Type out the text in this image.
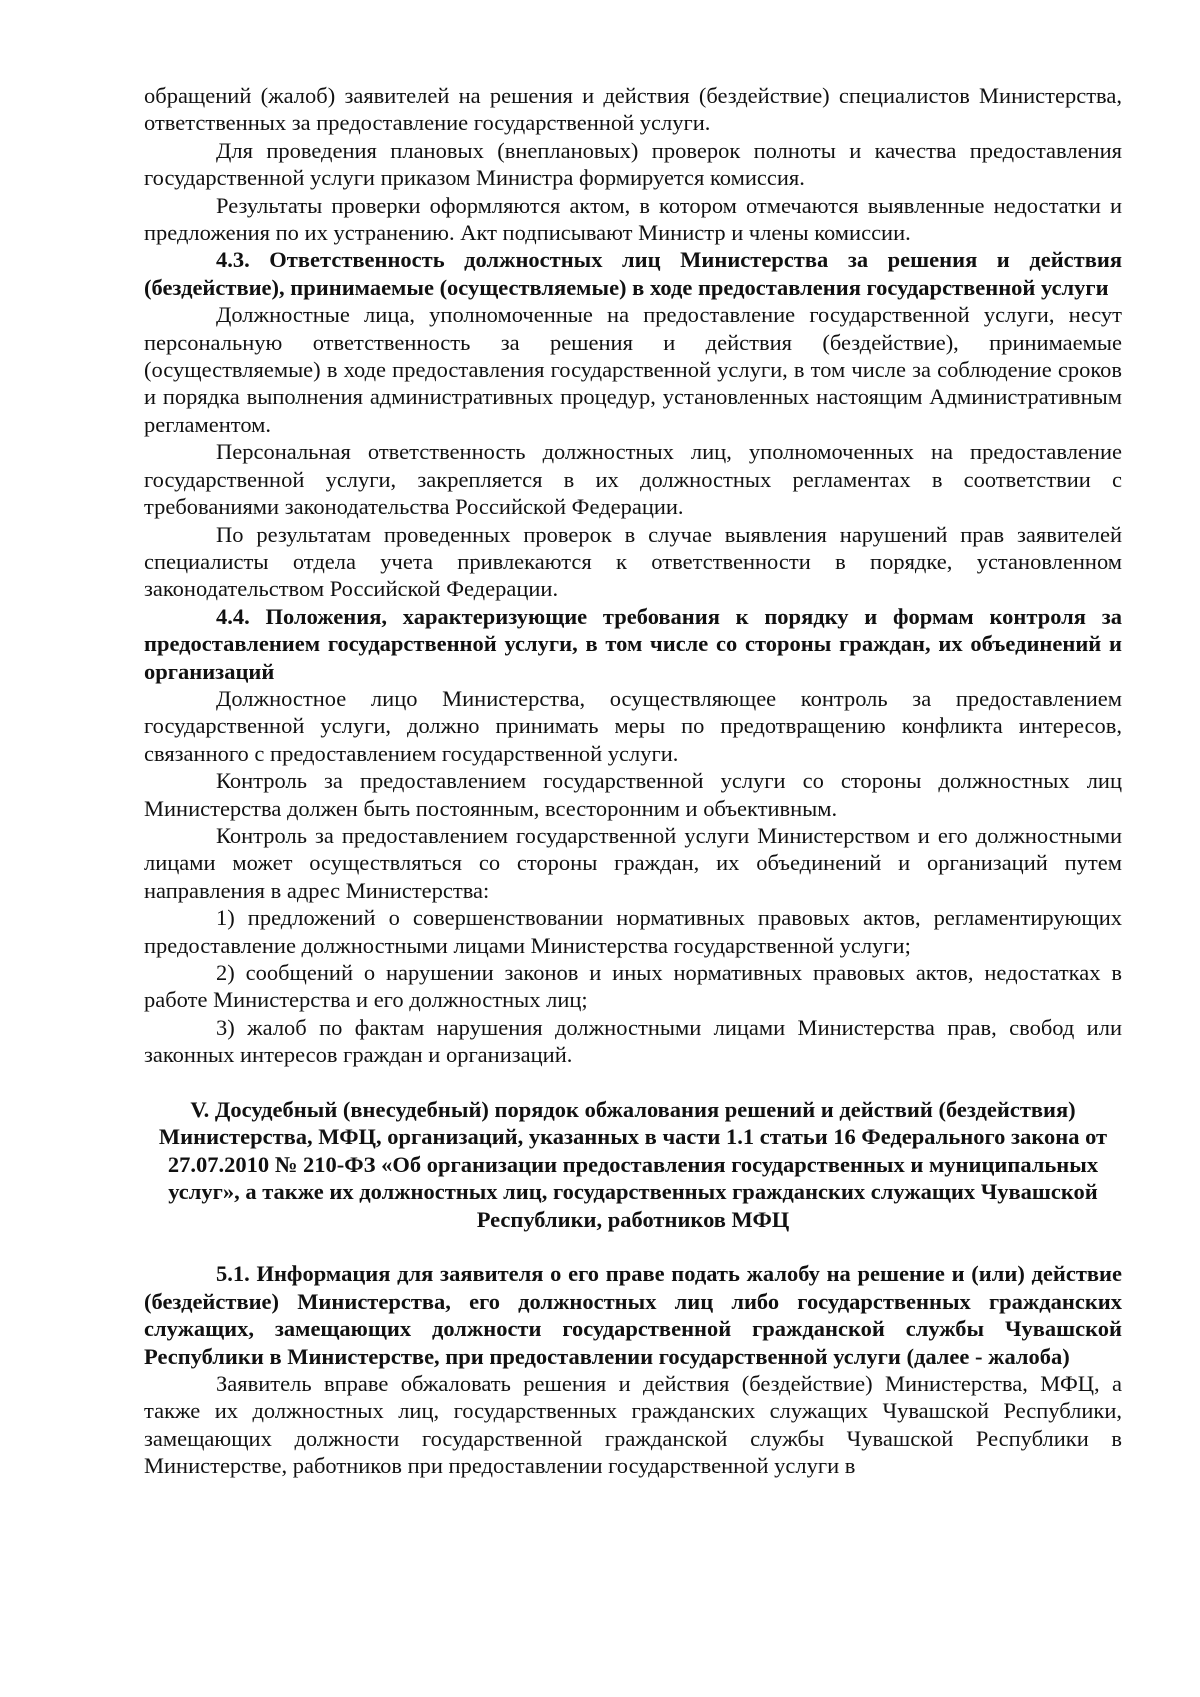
обращений (жалоб) заявителей на решения и действия (бездействие) специалистов Министерства, ответственных за предоставление государственной услуги.

Для проведения плановых (внеплановых) проверок полноты и качества предоставления государственной услуги приказом Министра формируется комиссия.

Результаты проверки оформляются актом, в котором отмечаются выявленные недостатки и предложения по их устранению. Акт подписывают Министр и члены комиссии.

4.3. Ответственность должностных лиц Министерства за решения и действия (бездействие), принимаемые (осуществляемые) в ходе предоставления государственной услуги

Должностные лица, уполномоченные на предоставление государственной услуги, несут персональную ответственность за решения и действия (бездействие), принимаемые (осуществляемые) в ходе предоставления государственной услуги, в том числе за соблюдение сроков и порядка выполнения административных процедур, установленных настоящим Административным регламентом.

Персональная ответственность должностных лиц, уполномоченных на предоставление государственной услуги, закрепляется в их должностных регламентах в соответствии с требованиями законодательства Российской Федерации.

По результатам проведенных проверок в случае выявления нарушений прав заявителей специалисты отдела учета привлекаются к ответственности в порядке, установленном законодательством Российской Федерации.

4.4. Положения, характеризующие требования к порядку и формам контроля за предоставлением государственной услуги, в том числе со стороны граждан, их объединений и организаций

Должностное лицо Министерства, осуществляющее контроль за предоставлением государственной услуги, должно принимать меры по предотвращению конфликта интересов, связанного с предоставлением государственной услуги.

Контроль за предоставлением государственной услуги со стороны должностных лиц Министерства должен быть постоянным, всесторонним и объективным.

Контроль за предоставлением государственной услуги Министерством и его должностными лицами может осуществляться со стороны граждан, их объединений и организаций путем направления в адрес Министерства:

1) предложений о совершенствовании нормативных правовых актов, регламентирующих предоставление должностными лицами Министерства государственной услуги;

2) сообщений о нарушении законов и иных нормативных правовых актов, недостатках в работе Министерства и его должностных лиц;

3) жалоб по фактам нарушения должностными лицами Министерства прав, свобод или законных интересов граждан и организаций.

V. Досудебный (внесудебный) порядок обжалования решений и действий (бездействия) Министерства, МФЦ, организаций, указанных в части 1.1 статьи 16 Федерального закона от 27.07.2010 № 210-ФЗ «Об организации предоставления государственных и муниципальных услуг», а также их должностных лиц, государственных гражданских служащих Чувашской Республики, работников МФЦ

5.1. Информация для заявителя о его праве подать жалобу на решение и (или) действие (бездействие) Министерства, его должностных лиц либо государственных гражданских служащих, замещающих должности государственной гражданской службы Чувашской Республики в Министерстве, при предоставлении государственной услуги (далее - жалоба)

Заявитель вправе обжаловать решения и действия (бездействие) Министерства, МФЦ, а также их должностных лиц, государственных гражданских служащих Чувашской Республики, замещающих должности государственной гражданской службы Чувашской Республики в Министерстве, работников при предоставлении государственной услуги в
